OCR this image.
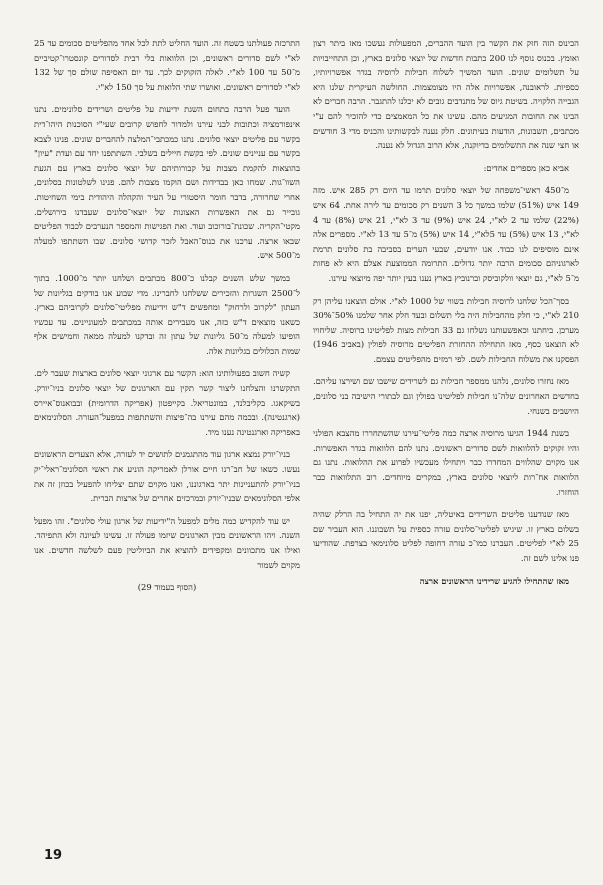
הכינוס הזה חזק את הקשר בין הועד ההברים, המפעולות נעשכו מאז ביתר רצון ואומץ. בכנוס נוסף לנו 200 כתבות חדשות של יוצאי סלונים בארץ, וכן התחייבויות על תשלומים שונים. הועד המשיך לשלוח חבילות לרוסיה בגדר אפשרויותיו, כספיות. לראובנה, אפשרויות אלה היו מצומצמות. החולשה העיקרית שלנו היא הגבייה הלקויה. בשיטת גיוס של מתנדבים גובים לא יכלנו להתגבר. הרבה חברים לא הבינו את החובות המגיעים מהם. עשינו את כל המאמצים כדי להזכיר להם ע"י מכתבים, תשבונות, הודעות בעיתונים. חלק נענה לבקשותינו והכניס מדי 3 חודשים או חצי שנה את התשלומים בדיוקנה, אלא הרוב הגדול לא נענה.

אביא כאן מספרים אחדים:

מ־450 ראשי־משפחה של יוצאי סלונים תרמו עד היום רק 285 איש. מזה 149 איש (51%) שלמו במשך כל 3 השנים רק סכומים עד לירה אחת. 64 איש (22%) שלמו עד 2 לא"י, 24 איש (9%) עד 3 לא"י, 21 איש (8%) עד 4 לא"י, 13 איש (5%) עד 5לא"י, 14 איש (5%) מ־5 עד 13 לא"י. מספרים אלה אינם מוסיפים לנו כבוד. אנו יודעים, שבעי הערים בסביבה בת סלונים תרמת לארגוניהם סכומים הרבה יותר גדולים. התרומה הממוצעת אצלם היא לא פחות מ־5 לא"י, גם יוצאי וולקוביסק וברנוביץ בארץ נענו בעין יותר יפה מיוצאי עירנו.

בסך־הכל שלחנו לרוסיה חבילות בשווי של 1000 לא"י. אולם הוצאנו עליהן רק 210 לא"י, כי חלק מהחבילות היה בלי תשלום ובעד חלק אחר שלמנו 50%־30% מערכן. ביחתנו וכאפשעותנו נשלחו גם 33 חבילות מצות לפליטינו ברוסיה. שליחויו לא הוצאנו כסף, מאז התחילה ההחזרת הפליטים מרוסיה לפולין (באביב 1946) הפסקנו את משלוח החבילות לשם. לפי רמזים מהפליטים עצמם.

מאז נחזרו סלונים, נלהנו ממספר חבילות גם לשרידים שישבו שם ושירצו עליהם. בחדשים האחרונים שלה־נו חבילות לפליטינו בפולין וגם לבתורי הישיבה בני סלונים, היושבים בשנחי.

בשנת 1944 הגיעו מרוסיה ארצה כמה פליטי־עירנו שהשתחררו מהצבא הפולני והיו זקוקים להלוואות לשם סדורים ראשונים. נתנו להם הלוואות בגדר האפשרות. אנו מקוים שהלווים המחדרו כבר ויתחילו מעכשיו לפרוע את ההלואות. נתנו גם הלוואות אח־רות ליוצאי סלונים בארץ, במקרים מיוחדים. רוב התלוואות כבר הוחזרו.

מאז שנודענו פליטים השרידים באיטליה, יפנו את יה התחיל בה הרלק שהיה בשלום בארץ זו. שיגיש לפליטי־סלונים עזרה כספית על תשבוננו. הוא העביר שם 25 לא"י לפליטים. העברנו כמו־כ עזרה דחופה לפליט סלונימאי בצרפת. שהודיעו פנו אלינו לשם זה.

מאז שהתחילו להגיע שרידינו הראשונים ארצה

התרכזה פעולתנו בשטח זה. הועד החליט לתת לכל אחד מהפליטים סכומים עד 25 לא"י לשם סדורים ראשונים, וכן הלוואות בלי רבית לסדורים קונסטרו־קטיביים מ־50 עד 100 לא"י. לאלה הזקוקים לכך. עד יום האסיפה שולם סך של 132 לא"י לסדורים ראשונים. ואושרו שתי הלואות על סך 150 לא"י.

הועד פעל הרבה בתחום השגת ידיעות על פליטים ושרידים סלונימים. נתנו אינפורמציה וכתובות לבני עירנו ולמדור לחפוש קרובים שעי"י הסוכנות היהו־דית בקשר עם פליטים יוצאי סלונים. נתנו כמכתבי־המלצה להחברים שונים. פנינו לצבא בקשר עם עניינים שונים. לפי בקשת חיילים בשלבי. השתתפנו יחד עם ועדת "עיון" בהוצאות להקמת מצבות על קבורותיהם של יוצאי סלונים בארץ עם הגעת השוו־גות. שמחו כאן בבדידות ושם הוקמו מצבות להם. פנינו לשלטונות בסלונים, אחרי שחרורה, בדבר חומר היסטורי על העיר והקהלה היהודית בימי השחיטות. גובייר גם את האפשרות האצונות של יוצאי־סלונים שעבדנו בירושלים. מקטי־הקריה. שכונת־בורוכוב ועוד. ואת הפגישות והמספר הנערבים לכבוד הפליטים שבאו ארצה. ערכנו את כנוס־האבל לזכר קדושי סלונים. שבו השתתפו למעלה מ־500 איש.

במשך שלש השנים קבלנו כ־800 מכתבים ושלחנו יותר מ־1000. בתוך ל־2500 השגרות והזכירים ששלחנו לחברינו. מדי שבוע אנו בודקים בגליונות של העתון "לקרוב ולרחוק" ומחפשים ד"ש וידיעות מפליטי־סלונים לקרוביהם בארץ. כשאנו מוצאים ד"ש כזה, אנו מעבירים אותה במכתבים למעוניינים. עד עכשיו הופיעו למעלה מ־50 גליונות של עתון זה ובדקנו למעלה ממאה וחמישים אלף שמות הכלולים בגליונות אלה.

קשיה חשוב בפעולותינו הוא: הקשר עם ארגוני יוצאי סלונים בארצות שעבר לים. התקשרנו והצלחנו ליצור קשר תקין עם הארגונים של יוצאי סלונים בניו־יורק. בשיקאגו. בקליבלנד, במונטריאל. בקייפטון (אפריקה הדרומית) ובבואנוס־איירס (ארגנטינה). ובכמה מהם עירנו בה־פיצות והשתתפות במפעל־העזרה. הסלונימאים באפריקה וארגנטינה נענו מיד.

בניו־יורק נמצא ארגון עוד מהתגמנים לתושים יד לעזרה, אלא הצעדים הראשונים נעשו. כשאו של חב־רנו חיים אורלן לאמריקה הוניע את ראשי הסלונימ־ראלי־יק בניו־יורק להתעניינות יתר בארגוננו, ואנו מקוים שתם יצליחו להפעיל בכוזן זה את אלפי הסלונימאים שבניו־יורק ובמרכזים אחרים של ארצות הברית.

יש עוד להקדיש כמה מלים למפעל ה"ידיעות של ארגון עולי סלונים". זהו מפעל השנה. ויהו הראשונים מבין הארגונים שיזמו פעולה זו. עשינו לעיונה ולא התפיהד. ואילו אנו מתכוונים ומקפידים להוציא את הביוליטין פעם לשלשה חדשים. אנו מקוים לשמור

(הסוף בעמוד 29)

19
